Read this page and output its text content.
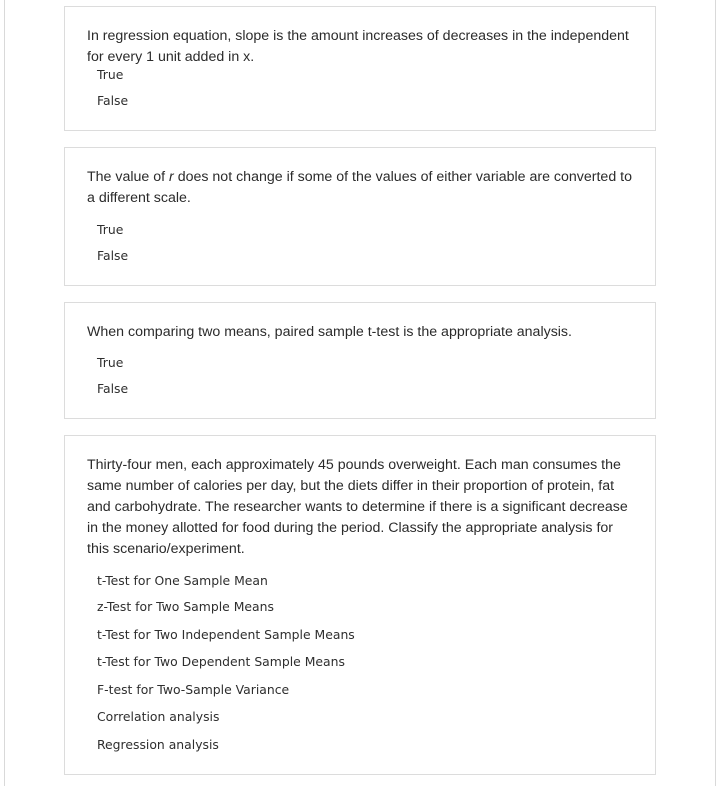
In regression equation, slope is the amount increases of decreases in the independent for every 1 unit added in x.
True
False
The value of r does not change if some of the values of either variable are converted to a different scale.
True
False
When comparing two means, paired sample t-test is the appropriate analysis.
True
False
Thirty-four men, each approximately 45 pounds overweight. Each man consumes the same number of calories per day, but the diets differ in their proportion of protein, fat and carbohydrate. The researcher wants to determine if there is a significant decrease in the money allotted for food during the period. Classify the appropriate analysis for this scenario/experiment.
t-Test for One Sample Mean
z-Test for Two Sample Means
t-Test for Two Independent Sample Means
t-Test for Two Dependent Sample Means
F-test for Two-Sample Variance
Correlation analysis
Regression analysis
